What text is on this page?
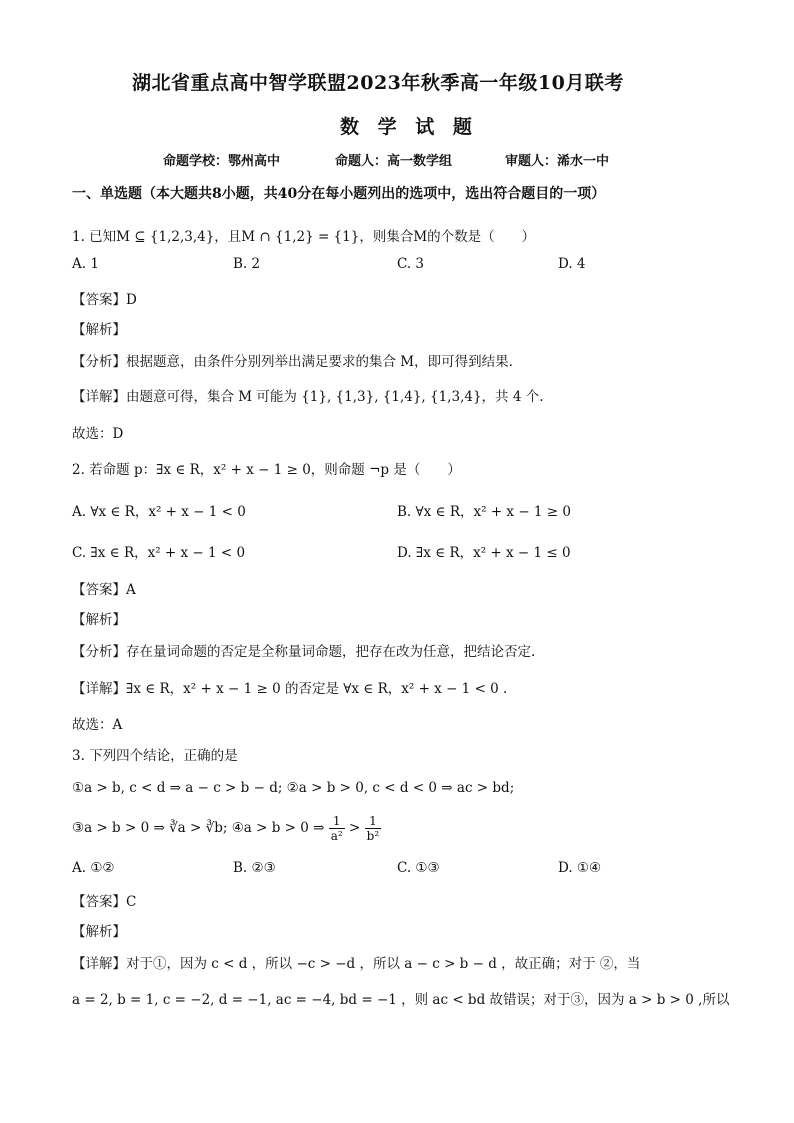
湖北省重点高中智学联盟2023年秋季高一年级10月联考
数 学 试 题
命题学校：鄂州高中	命题人：高一数学组	审题人：浠水一中
一、单选题（本大题共8小题，共40分在每小题列出的选项中，选出符合题目的一项）
1. 已知M ⊆ {1,2,3,4}，且M ∩ {1,2} = {1}，则集合M的个数是（　　）
A. 1	B. 2	C. 3	D. 4
【答案】D
【解析】
【分析】根据题意，由条件分别列举出满足要求的集合 M，即可得到结果.
【详解】由题意可得，集合 M 可能为 {1}, {1,3}, {1,4}, {1,3,4}，共 4 个.
故选：D
2. 若命题 p：∃x ∈ R，x² + x − 1 ≥ 0，则命题 ¬p 是（　　）
A. ∀x ∈ R，x² + x − 1 < 0	B. ∀x ∈ R，x² + x − 1 ≥ 0
C. ∃x ∈ R，x² + x − 1 < 0	D. ∃x ∈ R，x² + x − 1 ≤ 0
【答案】A
【解析】
【分析】存在量词命题的否定是全称量词命题，把存在改为任意，把结论否定.
【详解】∃x ∈ R，x² + x − 1 ≥ 0 的否定是 ∀x ∈ R，x² + x − 1 < 0 .
故选：A
3. 下列四个结论，正确的是
①a > b, c < d ⇒ a − c > b − d; ②a > b > 0, c < d < 0 ⇒ ac > bd;
③a > b > 0 ⇒ ∛a > ∛b; ④a > b > 0 ⇒ $\frac{1}{\text{a²}} > \frac{1}{\text{b²}}$
A. ①②	B. ②③	C. ①③	D. ①④
【答案】C
【解析】
【详解】对于①，因为 c < d ，所以 −c > −d ，所以 a − c > b − d ，故正确；对于 ②，当
a = 2, b = 1, c = −2, d = −1, ac = −4, bd = −1 ，则 ac < bd 故错误；对于③，因为 a > b > 0 ,所以
